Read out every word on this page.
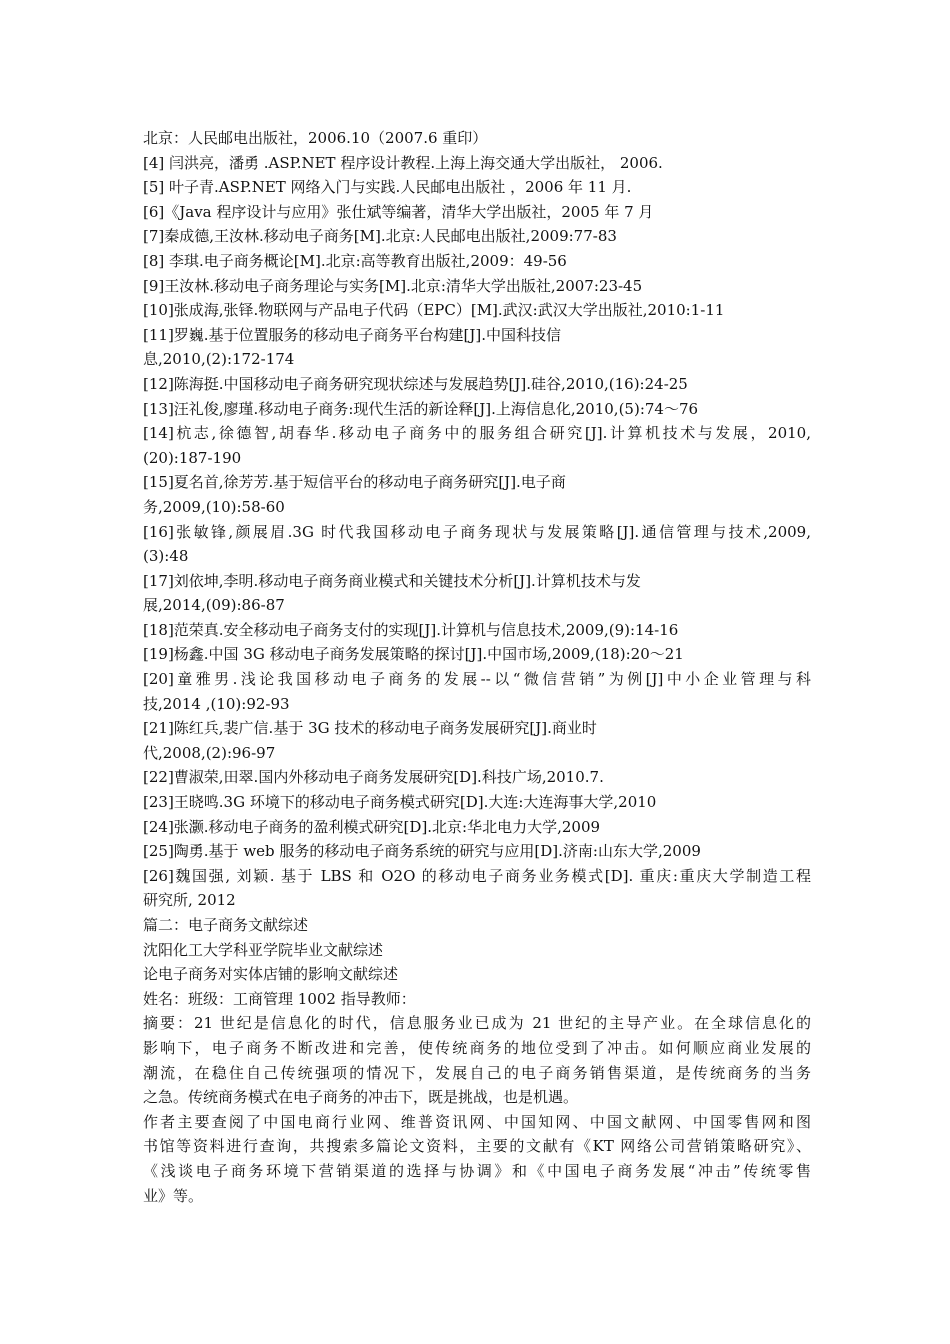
北京：人民邮电出版社，2006.10（2007.6 重印）
[4] 闫洪亮，潘勇 .ASP.NET 程序设计教程.上海上海交通大学出版社， 2006.
[5] 叶子青.ASP.NET 网络入门与实践.人民邮电出版社 ，2006 年 11 月.
[6]《Java 程序设计与应用》张仕斌等编著，清华大学出版社，2005 年 7 月
[7]秦成德,王汝林.移动电子商务[M].北京:人民邮电出版社,2009:77-83
[8] 李琪.电子商务概论[M].北京:高等教育出版社,2009：49-56
[9]王汝林.移动电子商务理论与实务[M].北京:清华大学出版社,2007:23-45
[10]张成海,张铎.物联网与产品电子代码（EPC）[M].武汉:武汉大学出版社,2010:1-11
[11]罗巍.基于位置服务的移动电子商务平台构建[J].中国科技信
息,2010,(2):172-174
[12]陈海挺.中国移动电子商务研究现状综述与发展趋势[J].硅谷,2010,(16):24-25
[13]汪礼俊,廖瑾.移动电子商务:现代生活的新诠释[J].上海信息化,2010,(5):74～76
[14]杭志,徐德智,胡春华.移动电子商务中的服务组合研究[J].计算机技术与发展，2010,
(20):187-190
[15]夏名首,徐芳芳.基于短信平台的移动电子商务研究[J].电子商
务,2009,(10):58-60
[16]张敏锋,颜展眉.3G 时代我国移动电子商务现状与发展策略[J].通信管理与技术,2009,
(3):48
[17]刘依坤,李明.移动电子商务商业模式和关键技术分析[J].计算机技术与发
展,2014,(09):86-87
[18]范荣真.安全移动电子商务支付的实现[J].计算机与信息技术,2009,(9):14-16
[19]杨鑫.中国 3G 移动电子商务发展策略的探讨[J].中国市场,2009,(18):20～21
[20]童雅男.浅论我国移动电子商务的发展--以“微信营销”为例[J]中小企业管理与科
技,2014 ,(10):92-93
[21]陈红兵,裴广信.基于 3G 技术的移动电子商务发展研究[J].商业时
代,2008,(2):96-97
[22]曹淑荣,田翠.国内外移动电子商务发展研究[D].科技广场,2010.7.
[23]王晓鸣.3G 环境下的移动电子商务模式研究[D].大连:大连海事大学,2010
[24]张灏.移动电子商务的盈利模式研究[D].北京:华北电力大学,2009
[25]陶勇.基于 web 服务的移动电子商务系统的研究与应用[D].济南:山东大学,2009
[26]魏国强, 刘颖. 基于 LBS 和 O2O 的移动电子商务业务模式[D]. 重庆:重庆大学制造工程
研究所, 2012
篇二：电子商务文献综述
沈阳化工大学科亚学院毕业文献综述
论电子商务对实体店铺的影响文献综述
姓名：班级：工商管理 1002 指导教师：
摘要：21 世纪是信息化的时代，信息服务业已成为 21 世纪的主导产业。在全球信息化的
影响下，电子商务不断改进和完善，使传统商务的地位受到了冲击。如何顺应商业发展的
潮流，在稳住自己传统强项的情况下，发展自己的电子商务销售渠道，是传统商务的当务
之急。传统商务模式在电子商务的冲击下，既是挑战，也是机遇。
作者主要查阅了中国电商行业网、维普资讯网、中国知网、中国文献网、中国零售网和图
书馆等资料进行查询，共搜索多篇论文资料，主要的文献有《KT 网络公司营销策略研究》、
《浅谈电子商务环境下营销渠道的选择与协调》和《中国电子商务发展“冲击”传统零售
业》等。
